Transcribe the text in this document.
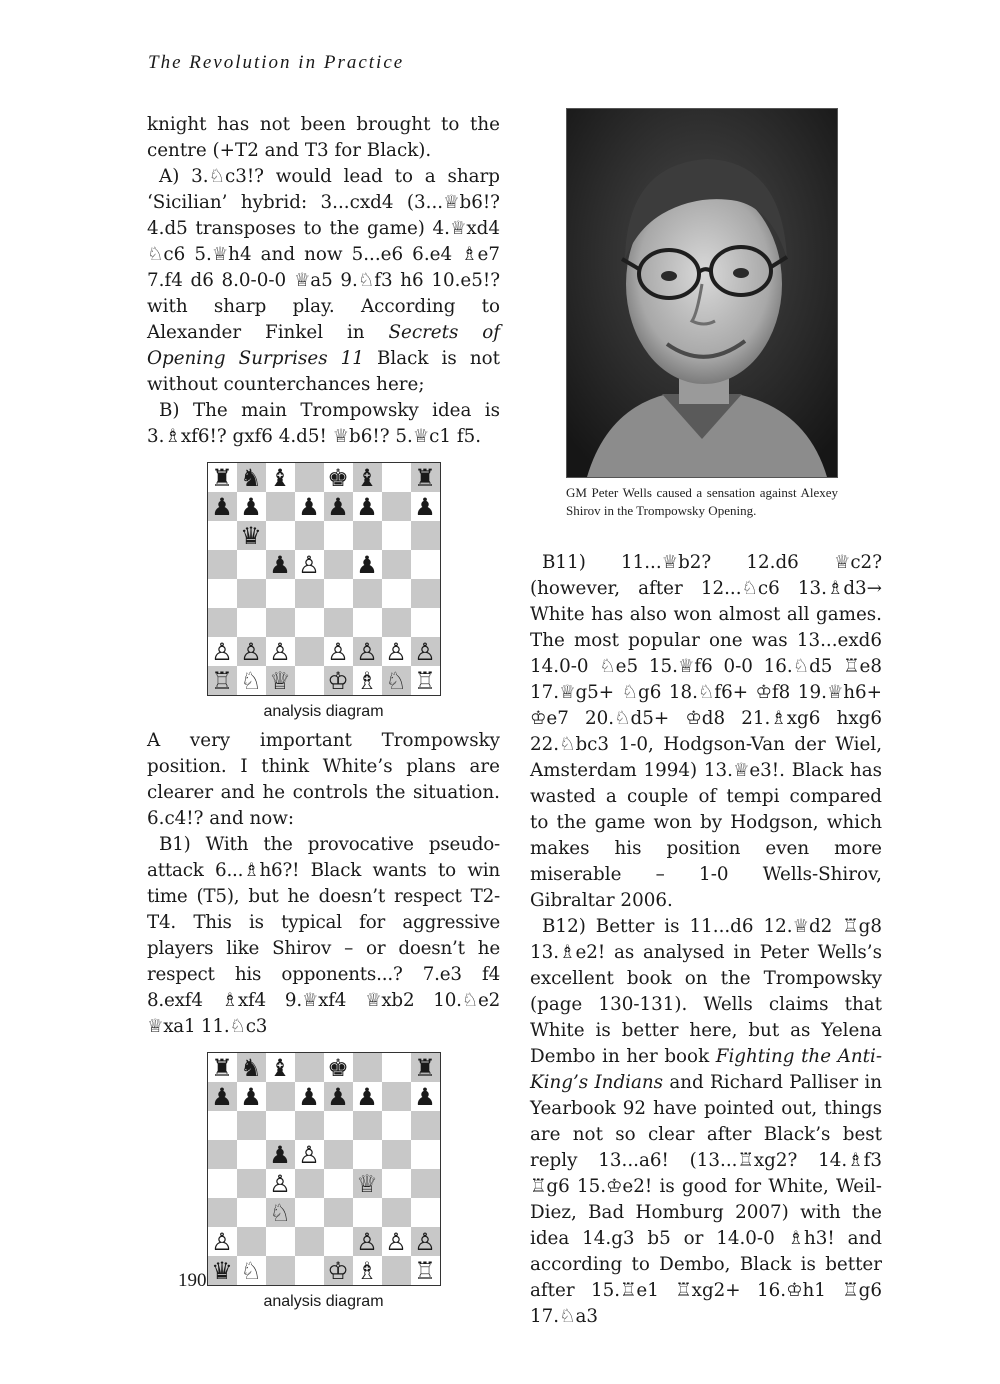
The Revolution in Practice

knight has not been brought to the centre (+T2 and T3 for Black).

A) 3.♘c3!? would lead to a sharp ‘Sicilian’ hybrid: 3...cxd4 (3...♕b6!? 4.d5 transposes to the game) 4.♕xd4 ♘c6 5.♕h4 and now 5...e6 6.e4 ♗e7 7.f4 d6 8.0-0-0 ♕a5 9.♘f3 h6 10.e5!? with sharp play. According to Alexander Finkel in Secrets of Opening Surprises 11 Black is not without counterchances here;

B) The main Trompowsky idea is 3.♗xf6!? gxf6 4.d5! ♕b6!? 5.♕c1 f5.

♜ ♞ ♝ ♚ ♝ ♜
♟ ♟ ♟ ♟ ♟ ♟
♛
♟ ♙ ♟
♙ ♙ ♙ ♙ ♙ ♙ ♙
♖ ♘ ♕ ♔ ♗ ♘ ♖
analysis diagram

A very important Trompowsky position. I think White’s plans are clearer and he controls the situation. 6.c4!? and now:

B1) With the provocative pseudo-attack 6...♗h6?! Black wants to win time (T5), but he doesn’t respect T2-T4. This is typical for aggressive players like Shirov – or doesn’t he respect his opponents...? 7.e3 f4 8.exf4 ♗xf4 9.♕xf4 ♕xb2 10.♘e2 ♕xa1 11.♘c3

♜ ♞ ♝ ♚	♜
♟ ♟ ♟ ♟ ♟ ♟
♟ ♙
♙	♕
♘
♙	♙ ♙ ♙
♛ ♘	♔ ♗ ♖
analysis diagram
GM Peter Wells caused a sensation against Alexey Shirov in the Trompowsky Opening.

B11) 11...♕b2? 12.d6 ♕c2? (however, after 12...♘c6 13.♗d3→ White has also won almost all games. The most popular one was 13...exd6 14.0-0 ♘e5 15.♕f6 0-0 16.♘d5 ♖e8 17.♕g5+ ♘g6 18.♘f6+ ♔f8 19.♕h6+ ♔e7 20.♘d5+ ♔d8 21.♗xg6 hxg6 22.♘bc3 1-0, Hodgson-Van der Wiel, Amsterdam 1994) 13.♕e3!. Black has wasted a couple of tempi compared to the game won by Hodgson, which makes his position even more miserable – 1-0 Wells-Shirov, Gibraltar 2006.

B12) Better is 11...d6 12.♕d2 ♖g8 13.♗e2! as analysed in Peter Wells’s excellent book on the Trompowsky (page 130-131). Wells claims that White is better here, but as Yelena Dembo in her book Fighting the Anti-King’s Indians and Richard Palliser in Yearbook 92 have pointed out, things are not so clear after Black’s best reply 13...a6! (13...♖xg2? 14.♗f3 ♖g6 15.♔e2! is good for White, Weil-Diez, Bad Homburg 2007) with the idea 14.g3 b5 or 14.0-0 ♗h3! and according to Dembo, Black is better after 15.♖e1 ♖xg2+ 16.♔h1 ♖g6 17.♘a3

190
